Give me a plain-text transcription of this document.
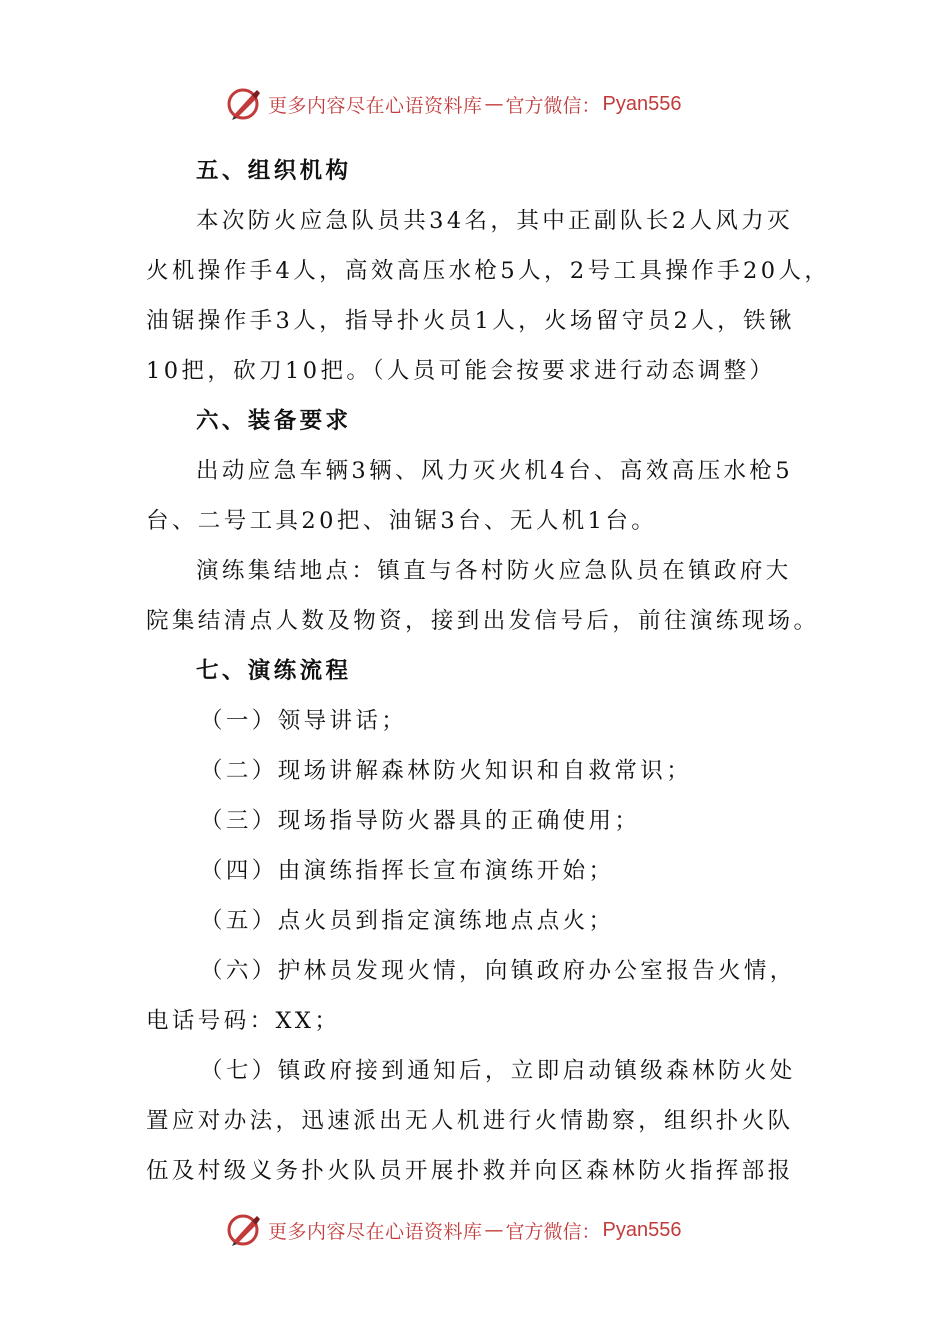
更多内容尽在心语资料库 — 官方微信： Pyan556
五、组织机构
本次防火应急队员共34名，其中正副队长2人风力灭
火机操作手4人，高效高压水枪5人，2号工具操作手20人，
油锯操作手3人，指导扑火员1人，火场留守员2人，铁锹
10把，砍刀10把。（人员可能会按要求进行动态调整）
六、装备要求
出动应急车辆3辆、风力灭火机4台、高效高压水枪5
台、二号工具20把、油锯3台、无人机1台。
演练集结地点：镇直与各村防火应急队员在镇政府大
院集结清点人数及物资，接到出发信号后，前往演练现场。
七、演练流程
（一）领导讲话；
（二）现场讲解森林防火知识和自救常识；
（三）现场指导防火器具的正确使用；
（四）由演练指挥长宣布演练开始；
（五）点火员到指定演练地点点火；
（六）护林员发现火情，向镇政府办公室报告火情，
电话号码：XX；
（七）镇政府接到通知后，立即启动镇级森林防火处
置应对办法，迅速派出无人机进行火情勘察，组织扑火队
伍及村级义务扑火队员开展扑救并向区森林防火指挥部报
更多内容尽在心语资料库 — 官方微信： Pyan556
